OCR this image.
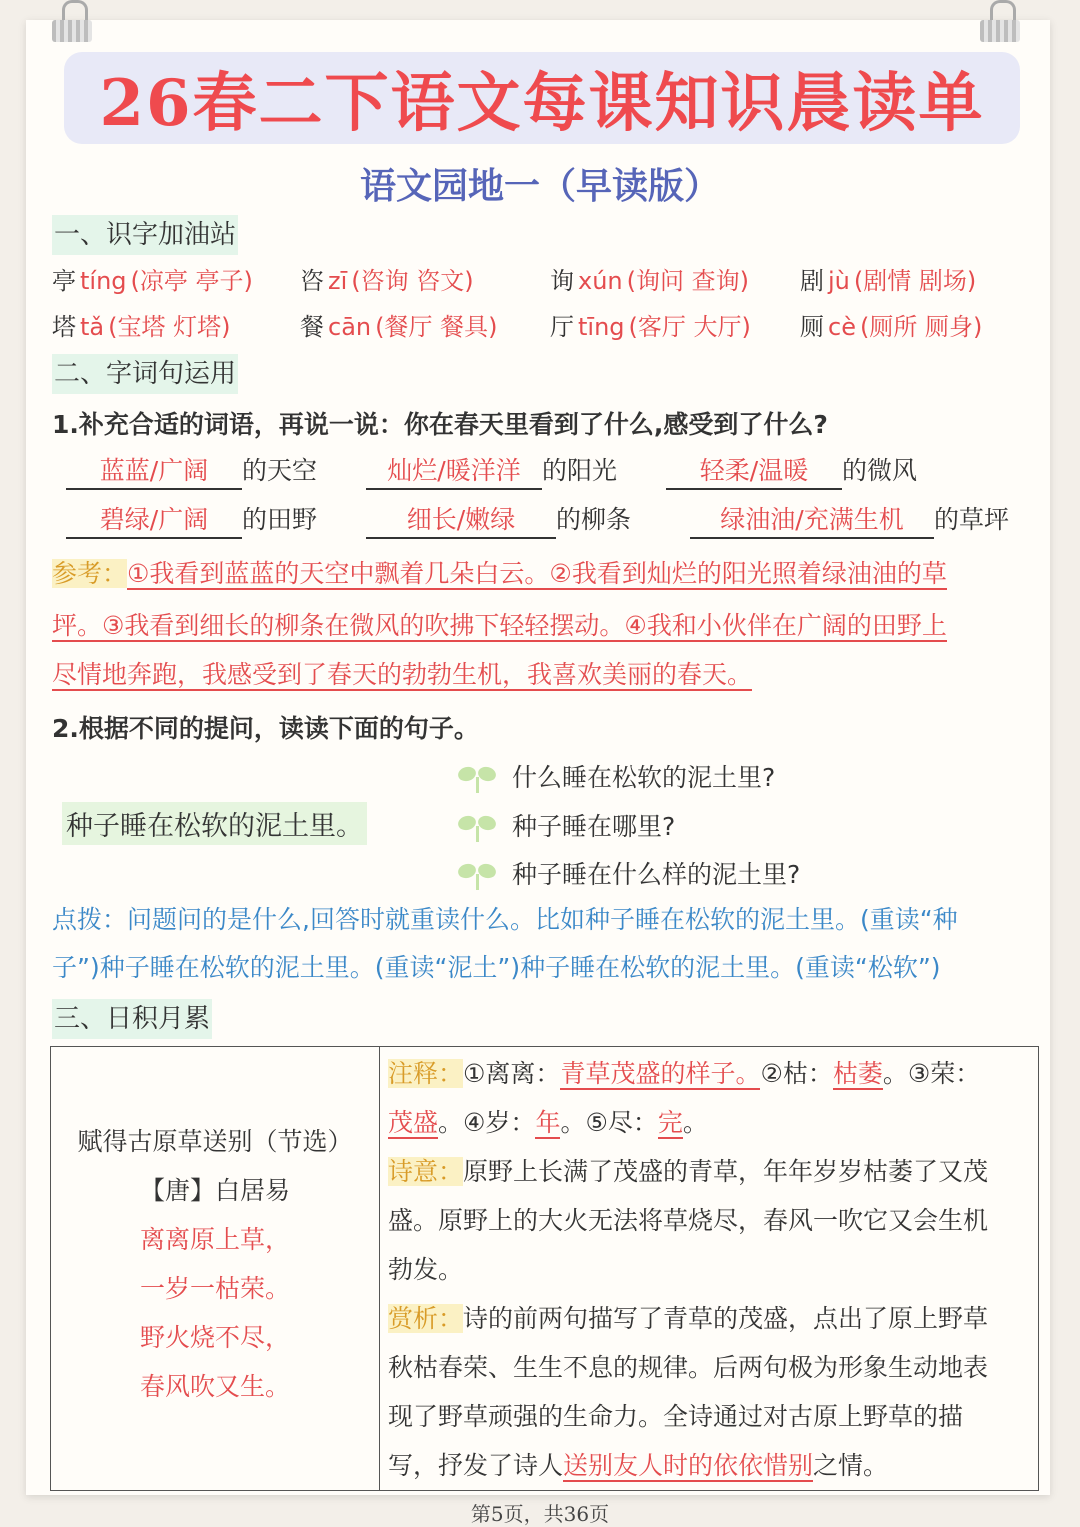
26春二下语文每课知识晨读单
语文园地一（早读版）
一、识字加油站
亭 tíng (凉亭 亭子) 咨 zī (咨询 咨文)	询 xún (询问 查询) 剧 jù (剧情 剧场)
塔 tǎ (宝塔 灯塔)	餐 cān (餐厅 餐具) 厅 tīng (客厅 大厅) 厕 cè (厕所 厕身)
二、字词句运用
1.补充合适的词语，再说一说：你在春天里看到了什么,感受到了什么?
蓝蓝/广阔 的天空	灿烂/暖洋洋 的阳光	轻柔/温暖 的微风
碧绿/广阔 的田野	细长/嫩绿 的柳条	绿油油/充满生机 的草坪
参考：①我看到蓝蓝的天空中飘着几朵白云。②我看到灿烂的阳光照着绿油油的草
坪。③我看到细长的柳条在微风的吹拂下轻轻摆动。④我和小伙伴在广阔的田野上
尽情地奔跑，我感受到了春天的勃勃生机，我喜欢美丽的春天。
2.根据不同的提问，读读下面的句子。
种子睡在松软的泥土里。
什么睡在松软的泥土里?
种子睡在哪里?
种子睡在什么样的泥土里?
点拨：问题问的是什么,回答时就重读什么。比如种子睡在松软的泥土里。(重读“种
子”)种子睡在松软的泥土里。(重读“泥土”)种子睡在松软的泥土里。(重读“松软”)
三、日积月累
赋得古原草送别（节选）
【唐】白居易
离离原上草，
一岁一枯荣。
野火烧不尽，
春风吹又生。

注释：①离离：青草茂盛的样子。②枯：枯萎。③荣：
茂盛。④岁：年。⑤尽：完。
诗意：原野上长满了茂盛的青草，年年岁岁枯萎了又茂
盛。原野上的大火无法将草烧尽，春风一吹它又会生机
勃发。
赏析：诗的前两句描写了青草的茂盛，点出了原上野草
秋枯春荣、生生不息的规律。后两句极为形象生动地表
现了野草顽强的生命力。全诗通过对古原上野草的描
写，抒发了诗人送别友人时的依依惜别之情。
第5页，共36页
